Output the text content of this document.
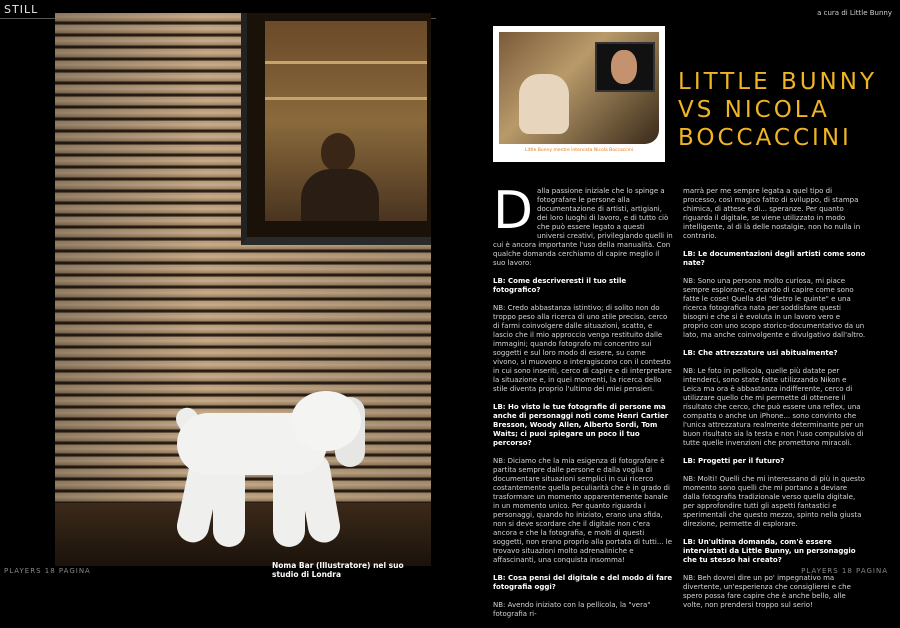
STILL	a cura di Little Bunny
Noma Bar (Illustratore) nel suo studio di Londra
Little Bunny mentre intervista Nicola Boccaccini
LITTLE BUNNY VS NICOLA BOCCACCINI
D alla passione iniziale che lo spinge a fotografare le persone alla documentazione di artisti, artigiani, dei loro luoghi di lavoro, e di tutto ciò che può essere legato a questi universi creativi, privilegiando quelli in cui è ancora importante l'uso della manualità. Con qualche domanda cerchiamo di capire meglio il suo lavoro:

LB: Come descriveresti il tuo stile fotografico?

NB: Credo abbastanza istintivo; di solito non do troppo peso alla ricerca di uno stile preciso, cerco di farmi coinvolgere dalle situazioni, scatto, e lascio che il mio approccio venga restituito dalle immagini; quando fotografo mi concentro sui soggetti e sul loro modo di essere, su come vivono, si muovono o interagiscono con il contesto in cui sono inseriti, cerco di capire e di interpretare la situazione e, in quei momenti, la ricerca dello stile diventa proprio l'ultimo dei miei pensieri.

LB: Ho visto le tue fotografie di persone ma anche di personaggi noti come Henri Cartier Bresson, Woody Allen, Alberto Sordi, Tom Waits; ci puoi spiegare un poco il tuo percorso?

NB: Diciamo che la mia esigenza di fotografare è partita sempre dalle persone e dalla voglia di documentare situazioni semplici in cui ricerco costantemente quella peculiarità che è in grado di trasformare un momento apparentemente banale in un momento unico. Per quanto riguarda i personaggi, quando ho iniziato, erano una sfida, non si deve scordare che il digitale non c'era ancora e che la fotografia, e molti di questi soggetti, non erano proprio alla portata di tutti... le trovavo situazioni molto adrenaliniche e affascinanti, una conquista insomma!

LB: Cosa pensi del digitale e del modo di fare fotografia oggi?

NB: Avendo iniziato con la pellicola, la "vera" fotografia ri-

marrà per me sempre legata a quel tipo di processo, così magico fatto di sviluppo, di stampa chimica, di attese e di... speranze. Per quanto riguarda il digitale, se viene utilizzato in modo intelligente, al di là delle nostalgie, non ho nulla in contrario.

LB: Le documentazioni degli artisti come sono nate?

NB: Sono una persona molto curiosa, mi piace sempre esplorare, cercando di capire come sono fatte le cose! Quella del "dietro le quinte" e una ricerca fotografica nata per soddisfare questi bisogni e che si è evoluta in un lavoro vero e proprio con uno scopo storico-documentativo da un lato, ma anche coinvolgente e divulgativo dall'altro.

LB: Che attrezzature usi abitualmente?

NB: Le foto in pellicola, quelle più datate per intenderci, sono state fatte utilizzando Nikon e Leica ma ora è abbastanza indifferente, cerco di utilizzare quello che mi permette di ottenere il risultato che cerco, che può essere una reflex, una compatta o anche un iPhone... sono convinto che l'unica attrezzatura realmente determinante per un buon risultato sia la testa e non l'uso compulsivo di tutte quelle invenzioni che promettono miracoli.

LB: Progetti per il futuro?

NB: Molti! Quelli che mi interessano di più in questo momento sono quelli che mi portano a deviare dalla fotografia tradizionale verso quella digitale, per approfondire tutti gli aspetti fantastici e sperimentali che questo mezzo, spinto nella giusta direzione, permette di esplorare.

LB: Un'ultima domanda, com'è essere intervistati da Little Bunny, un personaggio che tu stesso hai creato?

NB: Beh dovrei dire un po' impegnativo ma divertente, un'esperienza che consiglierei e che spero possa fare capire che è anche bello, alle volte, non prendersi troppo sul serio!

PLAYERS 18 PAGINA	PLAYERS 18 PAGINA
